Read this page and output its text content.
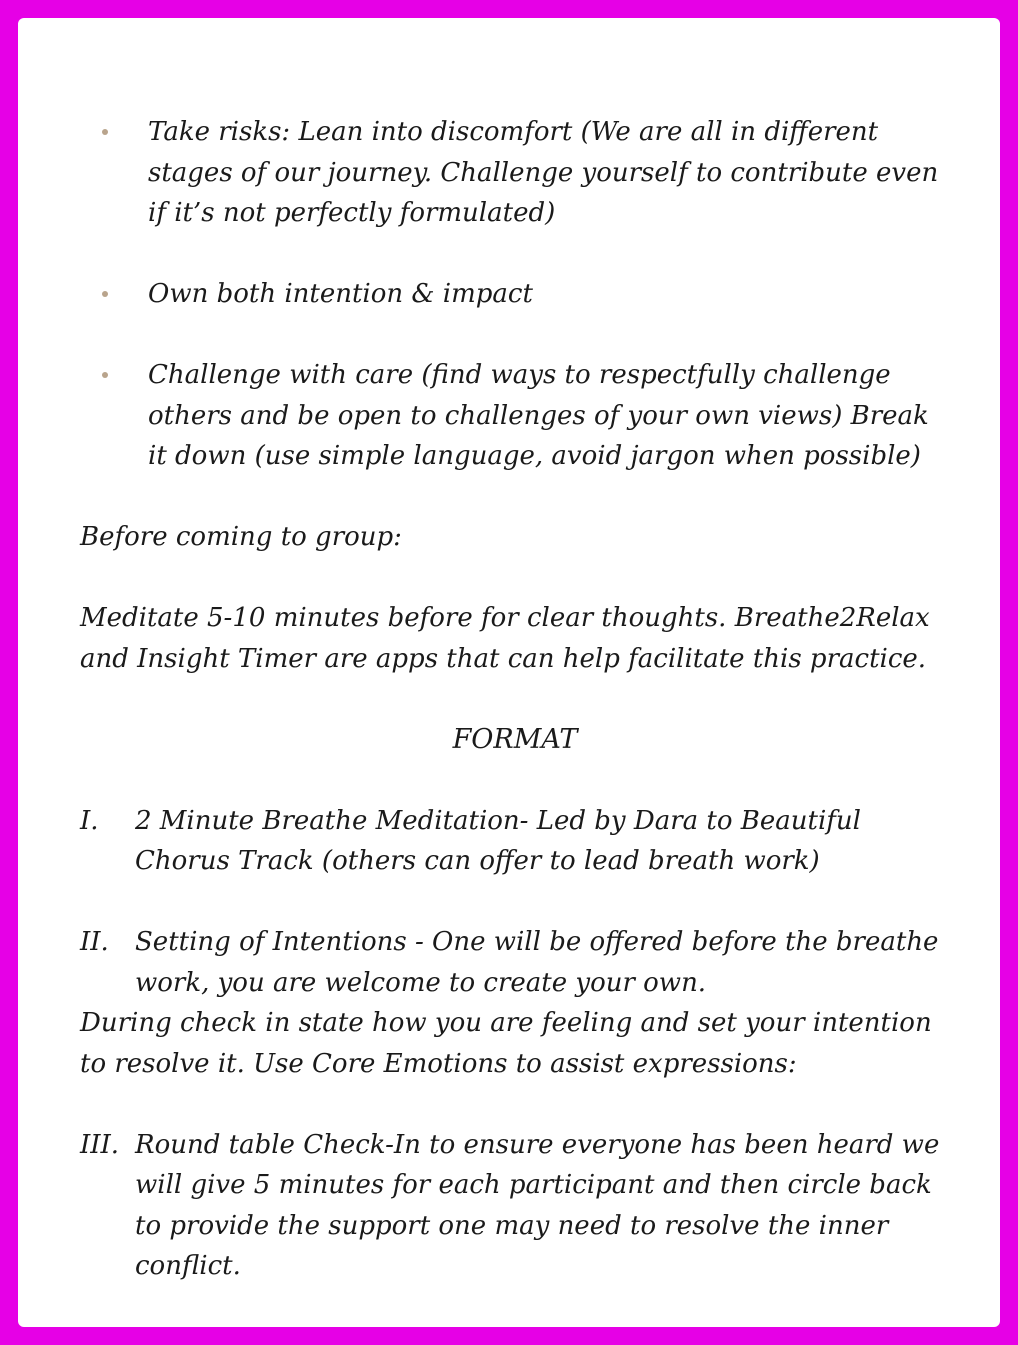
Take risks: Lean into discomfort (We are all in different stages of our journey. Challenge yourself to contribute even if it’s not perfectly formulated)
Own both intention & impact
Challenge with care (find ways to respectfully challenge others and be open to challenges of your own views) Break it down (use simple language, avoid jargon when possible)

Before coming to group:

Meditate 5-10 minutes before for clear thoughts. Breathe2Relax and Insight Timer are apps that can help facilitate this practice.

FORMAT

I. 2 Minute Breathe Meditation- Led by Dara to Beautiful Chorus Track (others can offer to lead breath work)
II. Setting of Intentions - One will be offered before the breathe work, you are welcome to create your own.

During check in state how you are feeling and set your intention to resolve it. Use Core Emotions to assist expressions:

III. Round table Check-In to ensure everyone has been heard we will give 5 minutes for each participant and then circle back to provide the support one may need to resolve the inner conflict.
